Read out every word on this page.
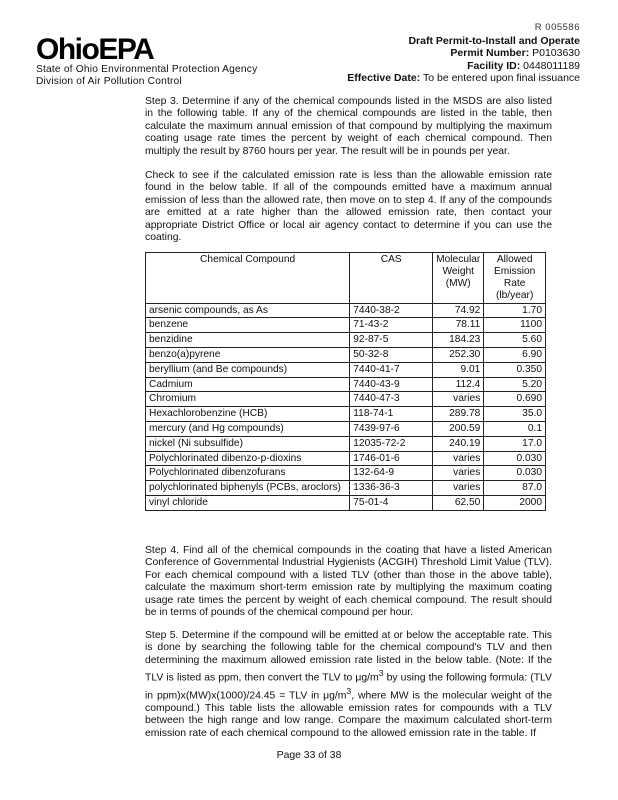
OhioEPA
State of Ohio Environmental Protection Agency
Division of Air Pollution Control
R 005586
Draft Permit-to-Install and Operate
Permit Number: P0103630
Facility ID: 0448011189
Effective Date: To be entered upon final issuance

Step 3. Determine if any of the chemical compounds listed in the MSDS are also listed in the following table. If any of the chemical compounds are listed in the table, then calculate the maximum annual emission of that compound by multiplying the maximum coating usage rate times the percent by weight of each chemical compound. Then multiply the result by 8760 hours per year. The result will be in pounds per year.

Check to see if the calculated emission rate is less than the allowable emission rate found in the below table. If all of the compounds emitted have a maximum annual emission of less than the allowed rate, then move on to step 4. If any of the compounds are emitted at a rate higher than the allowed emission rate, then contact your appropriate District Office or local air agency contact to determine if you can use the coating.

Chemical Compound	CAS	Molecular Weight (MW)	Allowed Emission Rate (lb/year)
arsenic compounds, as As	7440-38-2	74.92	1.70
benzene	71-43-2	78.11	1100
benzidine	92-87-5	184.23	5.60
benzo(a)pyrene	50-32-8	252.30	6.90
beryllium (and Be compounds)	7440-41-7	9.01	0.350
Cadmium	7440-43-9	112.4	5.20
Chromium	7440-47-3	varies	0.690
Hexachlorobenzine (HCB)	118-74-1	289.78	35.0
mercury (and Hg compounds)	7439-97-6	200.59	0.1
nickel (Ni subsulfide)	12035-72-2	240.19	17.0
Polychlorinated dibenzo-p-dioxins	1746-01-6	varies	0.030
Polychlorinated dibenzofurans	132-64-9	varies	0.030
polychlorinated biphenyls (PCBs, aroclors)	1336-36-3	varies	87.0
vinyl chloride	75-01-4	62.50	2000

Step 4. Find all of the chemical compounds in the coating that have a listed American Conference of Governmental Industrial Hygienists (ACGIH) Threshold Limit Value (TLV). For each chemical compound with a listed TLV (other than those in the above table), calculate the maximum short-term emission rate by multiplying the maximum coating usage rate times the percent by weight of each chemical compound. The result should be in terms of pounds of the chemical compound per hour.

Step 5. Determine if the compound will be emitted at or below the acceptable rate. This is done by searching the following table for the chemical compound's TLV and then determining the maximum allowed emission rate listed in the below table. (Note: If the TLV is listed as ppm, then convert the TLV to $\mu g/m^3$ by using the following formula: (TLV in ppm)x(MW)x(1000)/24.45 = TLV in $\mu g/m^3$, where MW is the molecular weight of the compound.) This table lists the allowable emission rates for compounds with a TLV between the high range and low range. Compare the maximum calculated short-term emission rate of each chemical compound to the allowed emission rate in the table. If

Page 33 of 38
